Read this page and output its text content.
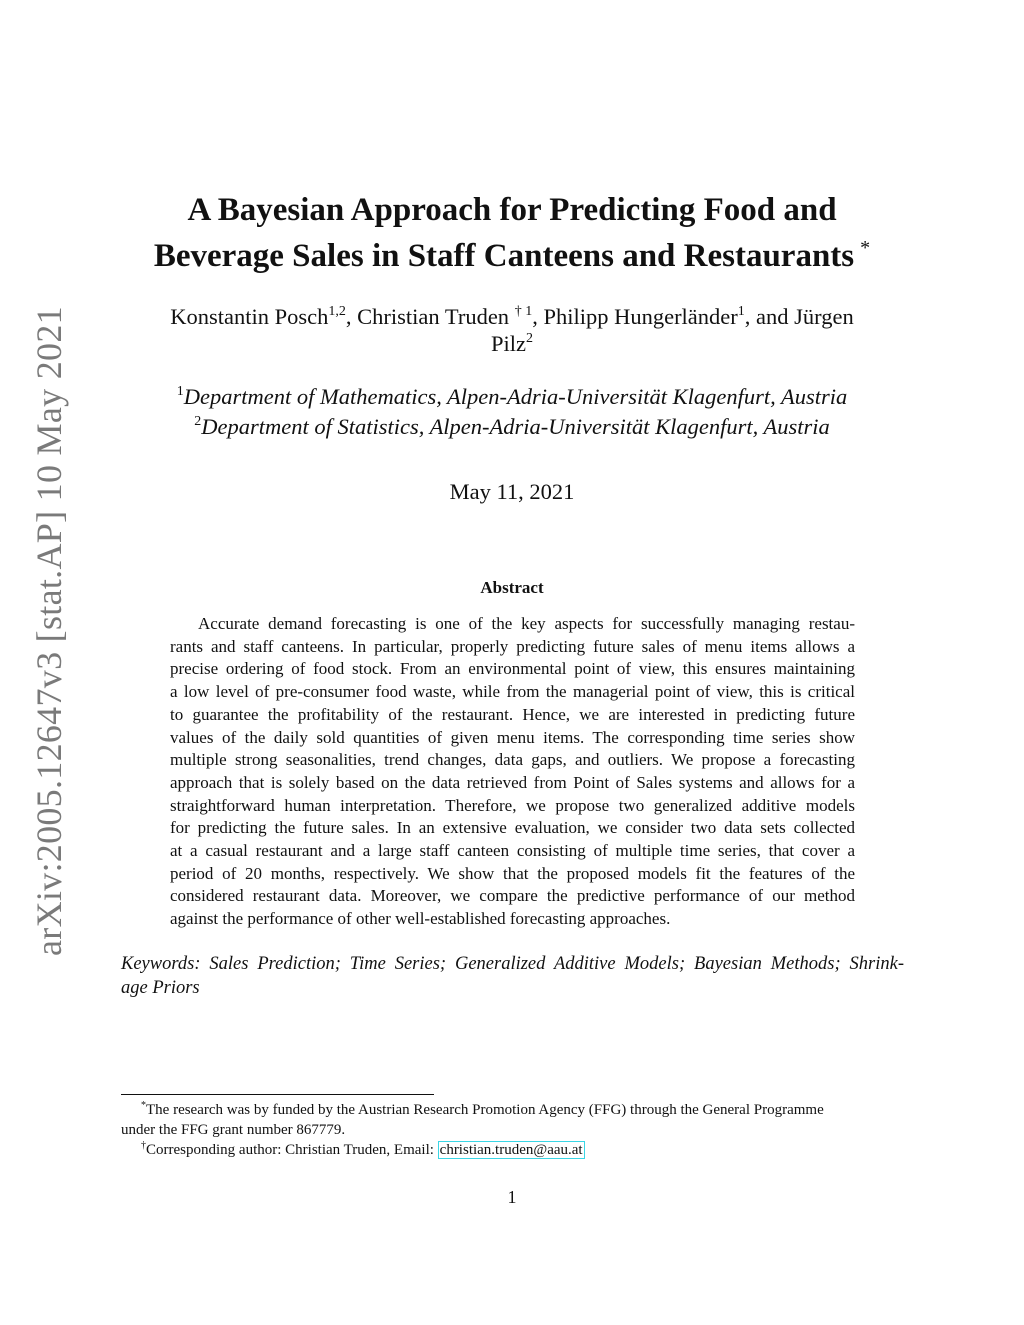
arXiv:2005.12647v3 [stat.AP] 10 May 2021
A Bayesian Approach for Predicting Food and
Beverage Sales in Staff Canteens and Restaurants *
Konstantin Posch$^{1,2}$, Christian Truden $^{\dagger 1}$, Philipp Hungerländer$^1$, and Jürgen
Pilz$^2$
$^1$Department of Mathematics, Alpen-Adria-Universität Klagenfurt, Austria
$^2$Department of Statistics, Alpen-Adria-Universität Klagenfurt, Austria
May 11, 2021
Abstract
Accurate demand forecasting is one of the key aspects for successfully managing restau-
rants and staff canteens. In particular, properly predicting future sales of menu items allows a
precise ordering of food stock. From an environmental point of view, this ensures maintaining
a low level of pre-consumer food waste, while from the managerial point of view, this is critical
to guarantee the profitability of the restaurant. Hence, we are interested in predicting future
values of the daily sold quantities of given menu items. The corresponding time series show
multiple strong seasonalities, trend changes, data gaps, and outliers. We propose a forecasting
approach that is solely based on the data retrieved from Point of Sales systems and allows for a
straightforward human interpretation. Therefore, we propose two generalized additive models
for predicting the future sales. In an extensive evaluation, we consider two data sets collected
at a casual restaurant and a large staff canteen consisting of multiple time series, that cover a
period of 20 months, respectively. We show that the proposed models fit the features of the
considered restaurant data. Moreover, we compare the predictive performance of our method
against the performance of other well-established forecasting approaches.
Keywords: Sales Prediction; Time Series; Generalized Additive Models; Bayesian Methods; Shrink-
age Priors
*The research was by funded by the Austrian Research Promotion Agency (FFG) through the General Programme
under the FFG grant number 867779.
†Corresponding author: Christian Truden, Email: christian.truden@aau.at
1
